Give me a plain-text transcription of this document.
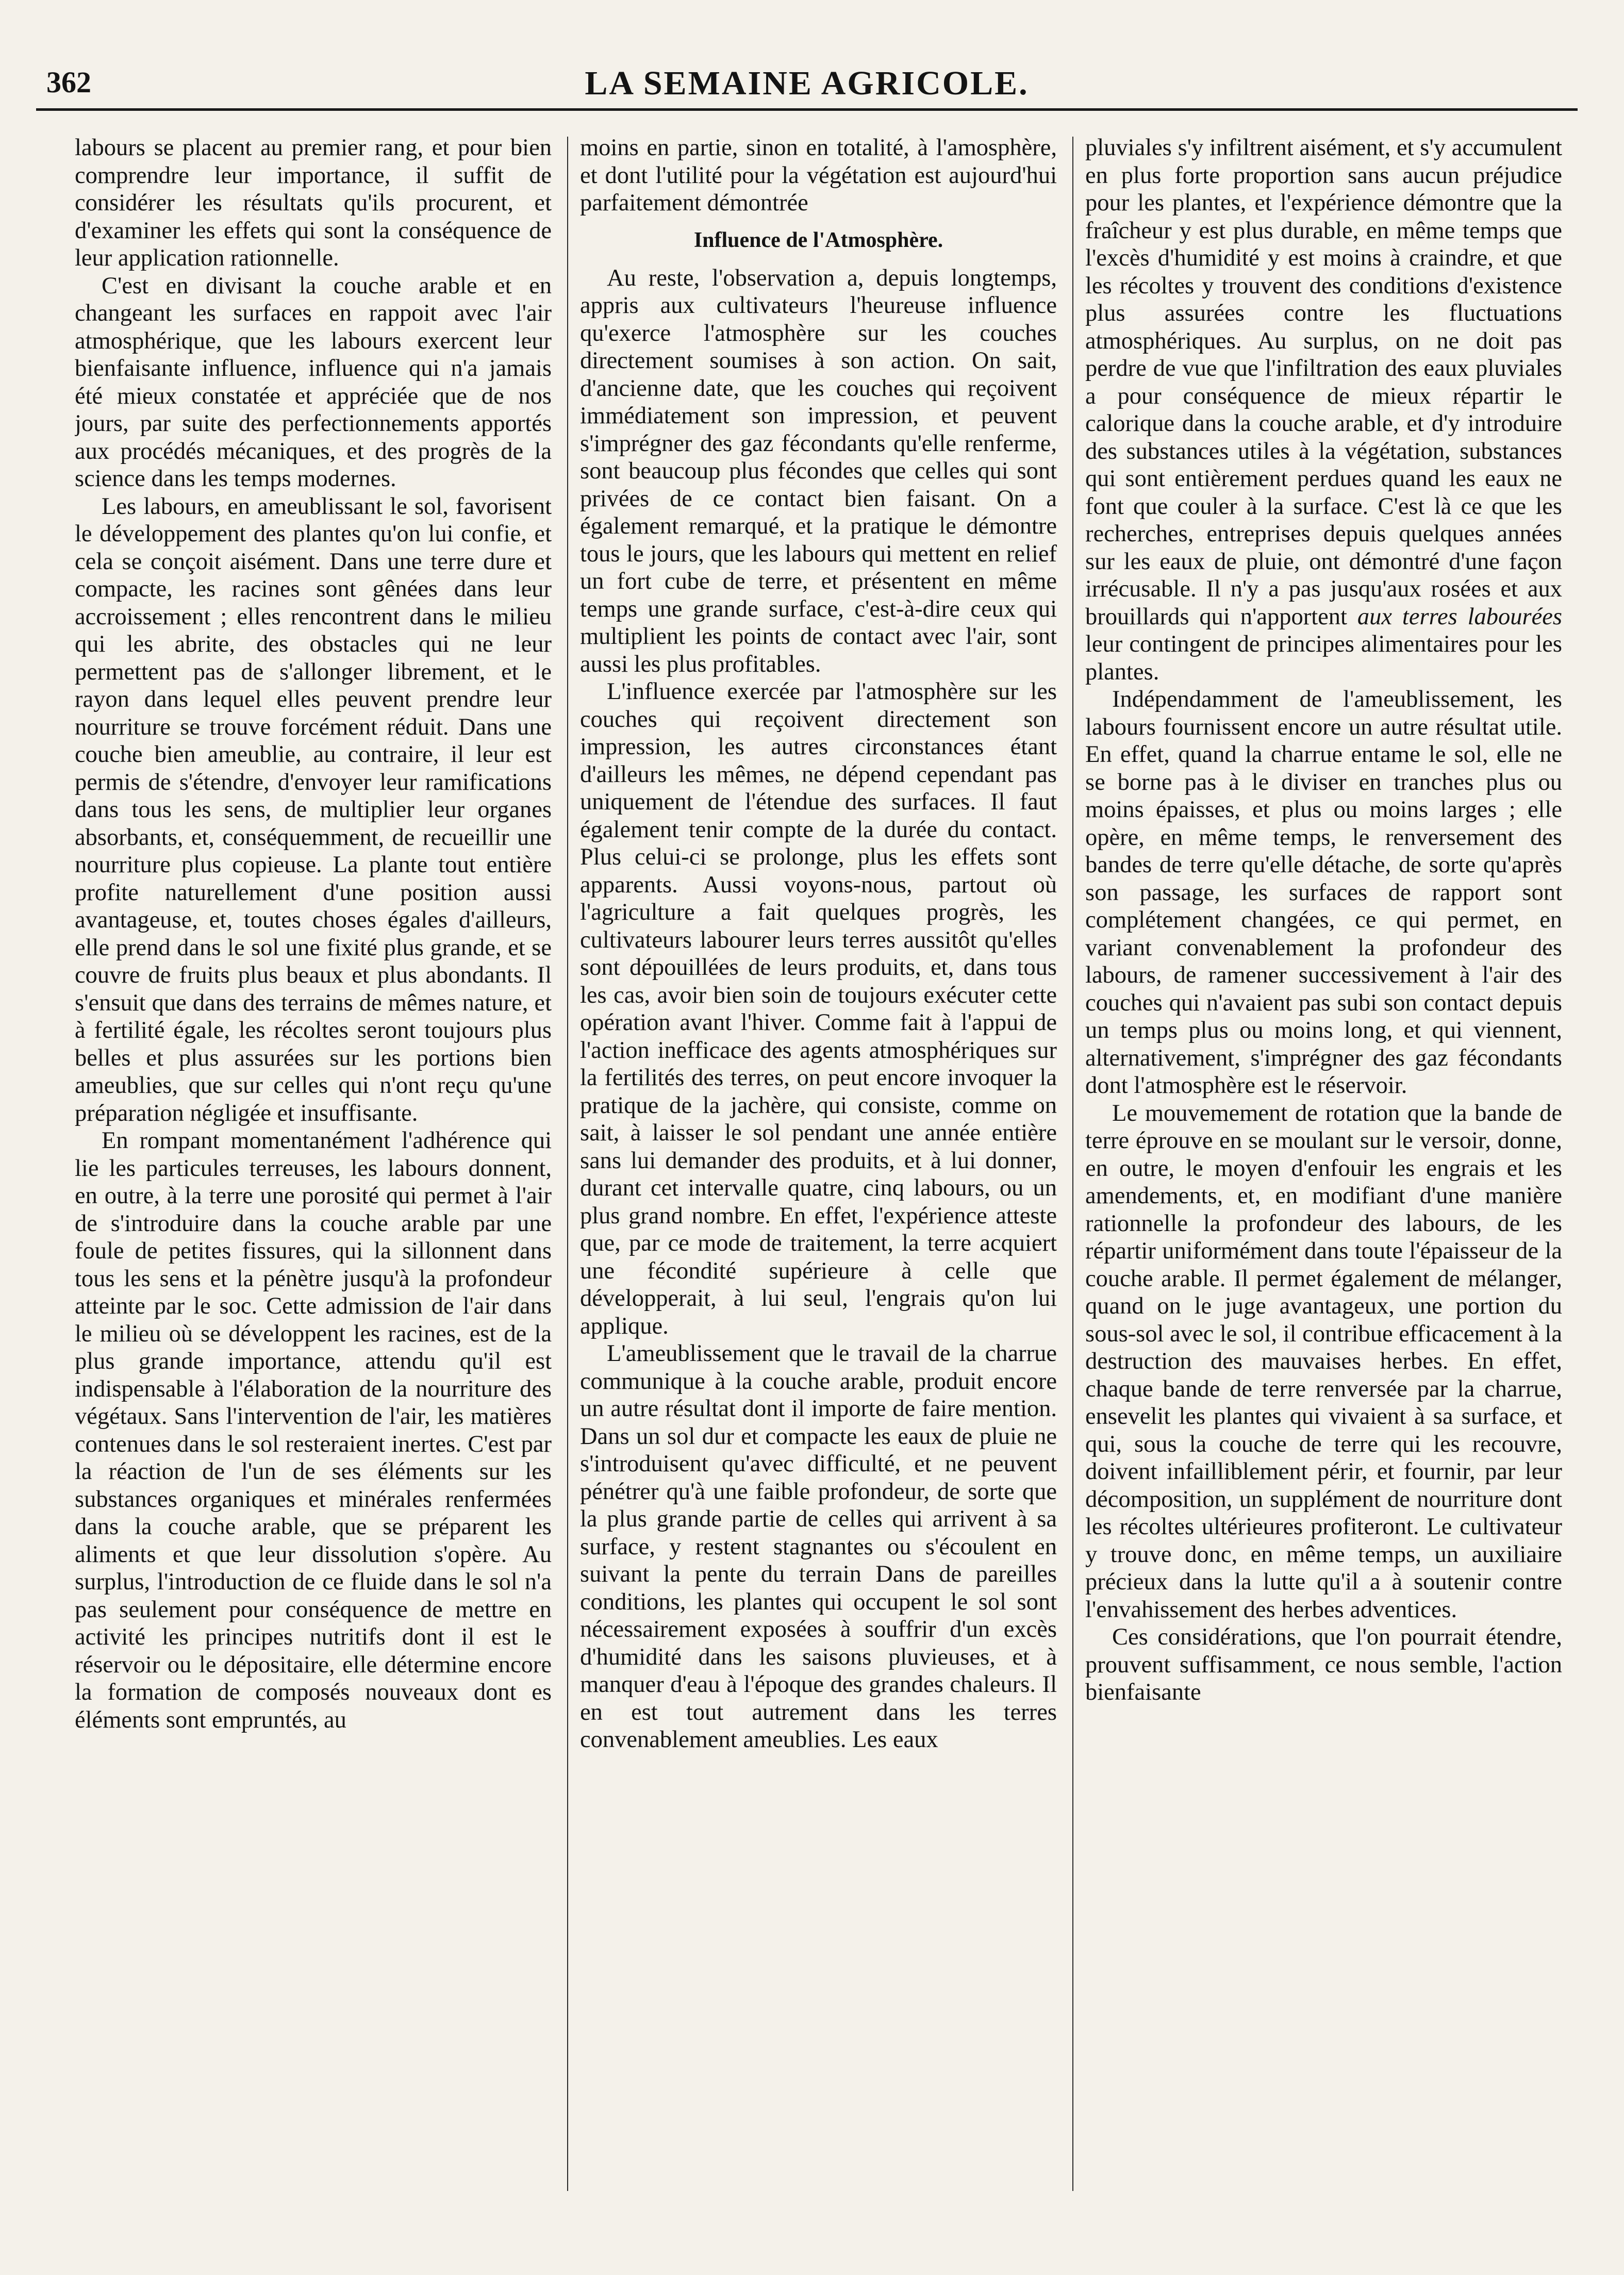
362	LA SEMAINE AGRICOLE.

labours se placent au premier rang, et pour bien comprendre leur importance, il suffit de considérer les résultats qu'ils procurent, et d'examiner les effets qui sont la conséquence de leur application rationnelle.

C'est en divisant la couche arable et en changeant les surfaces en rappoit avec l'air atmosphérique, que les labours exercent leur bienfaisante influence, influence qui n'a jamais été mieux constatée et appréciée que de nos jours, par suite des perfectionnements apportés aux procédés mécaniques, et des progrès de la science dans les temps modernes.

Les labours, en ameublissant le sol, favorisent le développement des plantes qu'on lui confie, et cela se conçoit aisément. Dans une terre dure et compacte, les racines sont gênées dans leur accroissement ; elles rencontrent dans le milieu qui les abrite, des obstacles qui ne leur permettent pas de s'allonger librement, et le rayon dans lequel elles peuvent prendre leur nourriture se trouve forcément réduit. Dans une couche bien ameublie, au contraire, il leur est permis de s'étendre, d'envoyer leur ramifications dans tous les sens, de multiplier leur organes absorbants, et, conséquemment, de recueillir une nourriture plus copieuse. La plante tout entière profite naturellement d'une position aussi avantageuse, et, toutes choses égales d'ailleurs, elle prend dans le sol une fixité plus grande, et se couvre de fruits plus beaux et plus abondants. Il s'ensuit que dans des terrains de mêmes nature, et à fertilité égale, les récoltes seront toujours plus belles et plus assurées sur les portions bien ameublies, que sur celles qui n'ont reçu qu'une préparation négligée et insuffisante.

En rompant momentanément l'adhérence qui lie les particules terreuses, les labours donnent, en outre, à la terre une porosité qui permet à l'air de s'introduire dans la couche arable par une foule de petites fissures, qui la sillonnent dans tous les sens et la pénètre jusqu'à la profondeur atteinte par le soc. Cette admission de l'air dans le milieu où se développent les racines, est de la plus grande importance, attendu qu'il est indispensable à l'élaboration de la nourriture des végétaux. Sans l'intervention de l'air, les matières contenues dans le sol resteraient inertes. C'est par la réaction de l'un de ses éléments sur les substances organiques et minérales renfermées dans la couche arable, que se préparent les aliments et que leur dissolution s'opère. Au surplus, l'introduction de ce fluide dans le sol n'a pas seulement pour conséquence de mettre en activité les principes nutritifs dont il est le réservoir ou le dépositaire, elle détermine encore la formation de composés nouveaux dont es éléments sont empruntés, au

moins en partie, sinon en totalité, à l'amosphère, et dont l'utilité pour la végétation est aujourd'hui parfaitement démontrée

Influence de l'Atmosphère.

Au reste, l'observation a, depuis longtemps, appris aux cultivateurs l'heureuse influence qu'exerce l'atmosphère sur les couches directement soumises à son action. On sait, d'ancienne date, que les couches qui reçoivent immédiatement son impression, et peuvent s'imprégner des gaz fécondants qu'elle renferme, sont beaucoup plus fécondes que celles qui sont privées de ce contact bien faisant. On a également remarqué, et la pratique le démontre tous le jours, que les labours qui mettent en relief un fort cube de terre, et présentent en même temps une grande surface, c'est-à-dire ceux qui multiplient les points de contact avec l'air, sont aussi les plus profitables.

L'influence exercée par l'atmosphère sur les couches qui reçoivent directement son impression, les autres circonstances étant d'ailleurs les mêmes, ne dépend cependant pas uniquement de l'étendue des surfaces. Il faut également tenir compte de la durée du contact. Plus celui-ci se prolonge, plus les effets sont apparents. Aussi voyons-nous, partout où l'agriculture a fait quelques progrès, les cultivateurs labourer leurs terres aussitôt qu'elles sont dépouillées de leurs produits, et, dans tous les cas, avoir bien soin de toujours exécuter cette opération avant l'hiver. Comme fait à l'appui de l'action inefficace des agents atmosphériques sur la fertilités des terres, on peut encore invoquer la pratique de la jachère, qui consiste, comme on sait, à laisser le sol pendant une année entière sans lui demander des produits, et à lui donner, durant cet intervalle quatre, cinq labours, ou un plus grand nombre. En effet, l'expérience atteste que, par ce mode de traitement, la terre acquiert une fécondité supérieure à celle que développerait, à lui seul, l'engrais qu'on lui applique.

L'ameublissement que le travail de la charrue communique à la couche arable, produit encore un autre résultat dont il importe de faire mention. Dans un sol dur et compacte les eaux de pluie ne s'introduisent qu'avec difficulté, et ne peuvent pénétrer qu'à une faible profondeur, de sorte que la plus grande partie de celles qui arrivent à sa surface, y restent stagnantes ou s'écoulent en suivant la pente du terrain Dans de pareilles conditions, les plantes qui occupent le sol sont nécessairement exposées à souffrir d'un excès d'humidité dans les saisons pluvieuses, et à manquer d'eau à l'époque des grandes chaleurs. Il en est tout autrement dans les terres convenablement ameublies. Les eaux

pluviales s'y infiltrent aisément, et s'y accumulent en plus forte proportion sans aucun préjudice pour les plantes, et l'expérience démontre que la fraîcheur y est plus durable, en même temps que l'excès d'humidité y est moins à craindre, et que les récoltes y trouvent des conditions d'existence plus assurées contre les fluctuations atmosphériques. Au surplus, on ne doit pas perdre de vue que l'infiltration des eaux pluviales a pour conséquence de mieux répartir le calorique dans la couche arable, et d'y introduire des substances utiles à la végétation, substances qui sont entièrement perdues quand les eaux ne font que couler à la surface. C'est là ce que les recherches, entreprises depuis quelques années sur les eaux de pluie, ont démontré d'une façon irrécusable. Il n'y a pas jusqu'aux rosées et aux brouillards qui n'apportent aux terres labourées leur contingent de principes alimentaires pour les plantes.

Indépendamment de l'ameublissement, les labours fournissent encore un autre résultat utile. En effet, quand la charrue entame le sol, elle ne se borne pas à le diviser en tranches plus ou moins épaisses, et plus ou moins larges ; elle opère, en même temps, le renversement des bandes de terre qu'elle détache, de sorte qu'après son passage, les surfaces de rapport sont complétement changées, ce qui permet, en variant convenablement la profondeur des labours, de ramener successivement à l'air des couches qui n'avaient pas subi son contact depuis un temps plus ou moins long, et qui viennent, alternativement, s'imprégner des gaz fécondants dont l'atmosphère est le réservoir.

Le mouvemement de rotation que la bande de terre éprouve en se moulant sur le versoir, donne, en outre, le moyen d'enfouir les engrais et les amendements, et, en modifiant d'une manière rationnelle la profondeur des labours, de les répartir uniformément dans toute l'épaisseur de la couche arable. Il permet également de mélanger, quand on le juge avantageux, une portion du sous-sol avec le sol, il contribue efficacement à la destruction des mauvaises herbes. En effet, chaque bande de terre renversée par la charrue, ensevelit les plantes qui vivaient à sa surface, et qui, sous la couche de terre qui les recouvre, doivent infailliblement périr, et fournir, par leur décomposition, un supplément de nourriture dont les récoltes ultérieures profiteront. Le cultivateur y trouve donc, en même temps, un auxiliaire précieux dans la lutte qu'il a à soutenir contre l'envahissement des herbes adventices.

Ces considérations, que l'on pourrait étendre, prouvent suffisamment, ce nous semble, l'action bienfaisante
